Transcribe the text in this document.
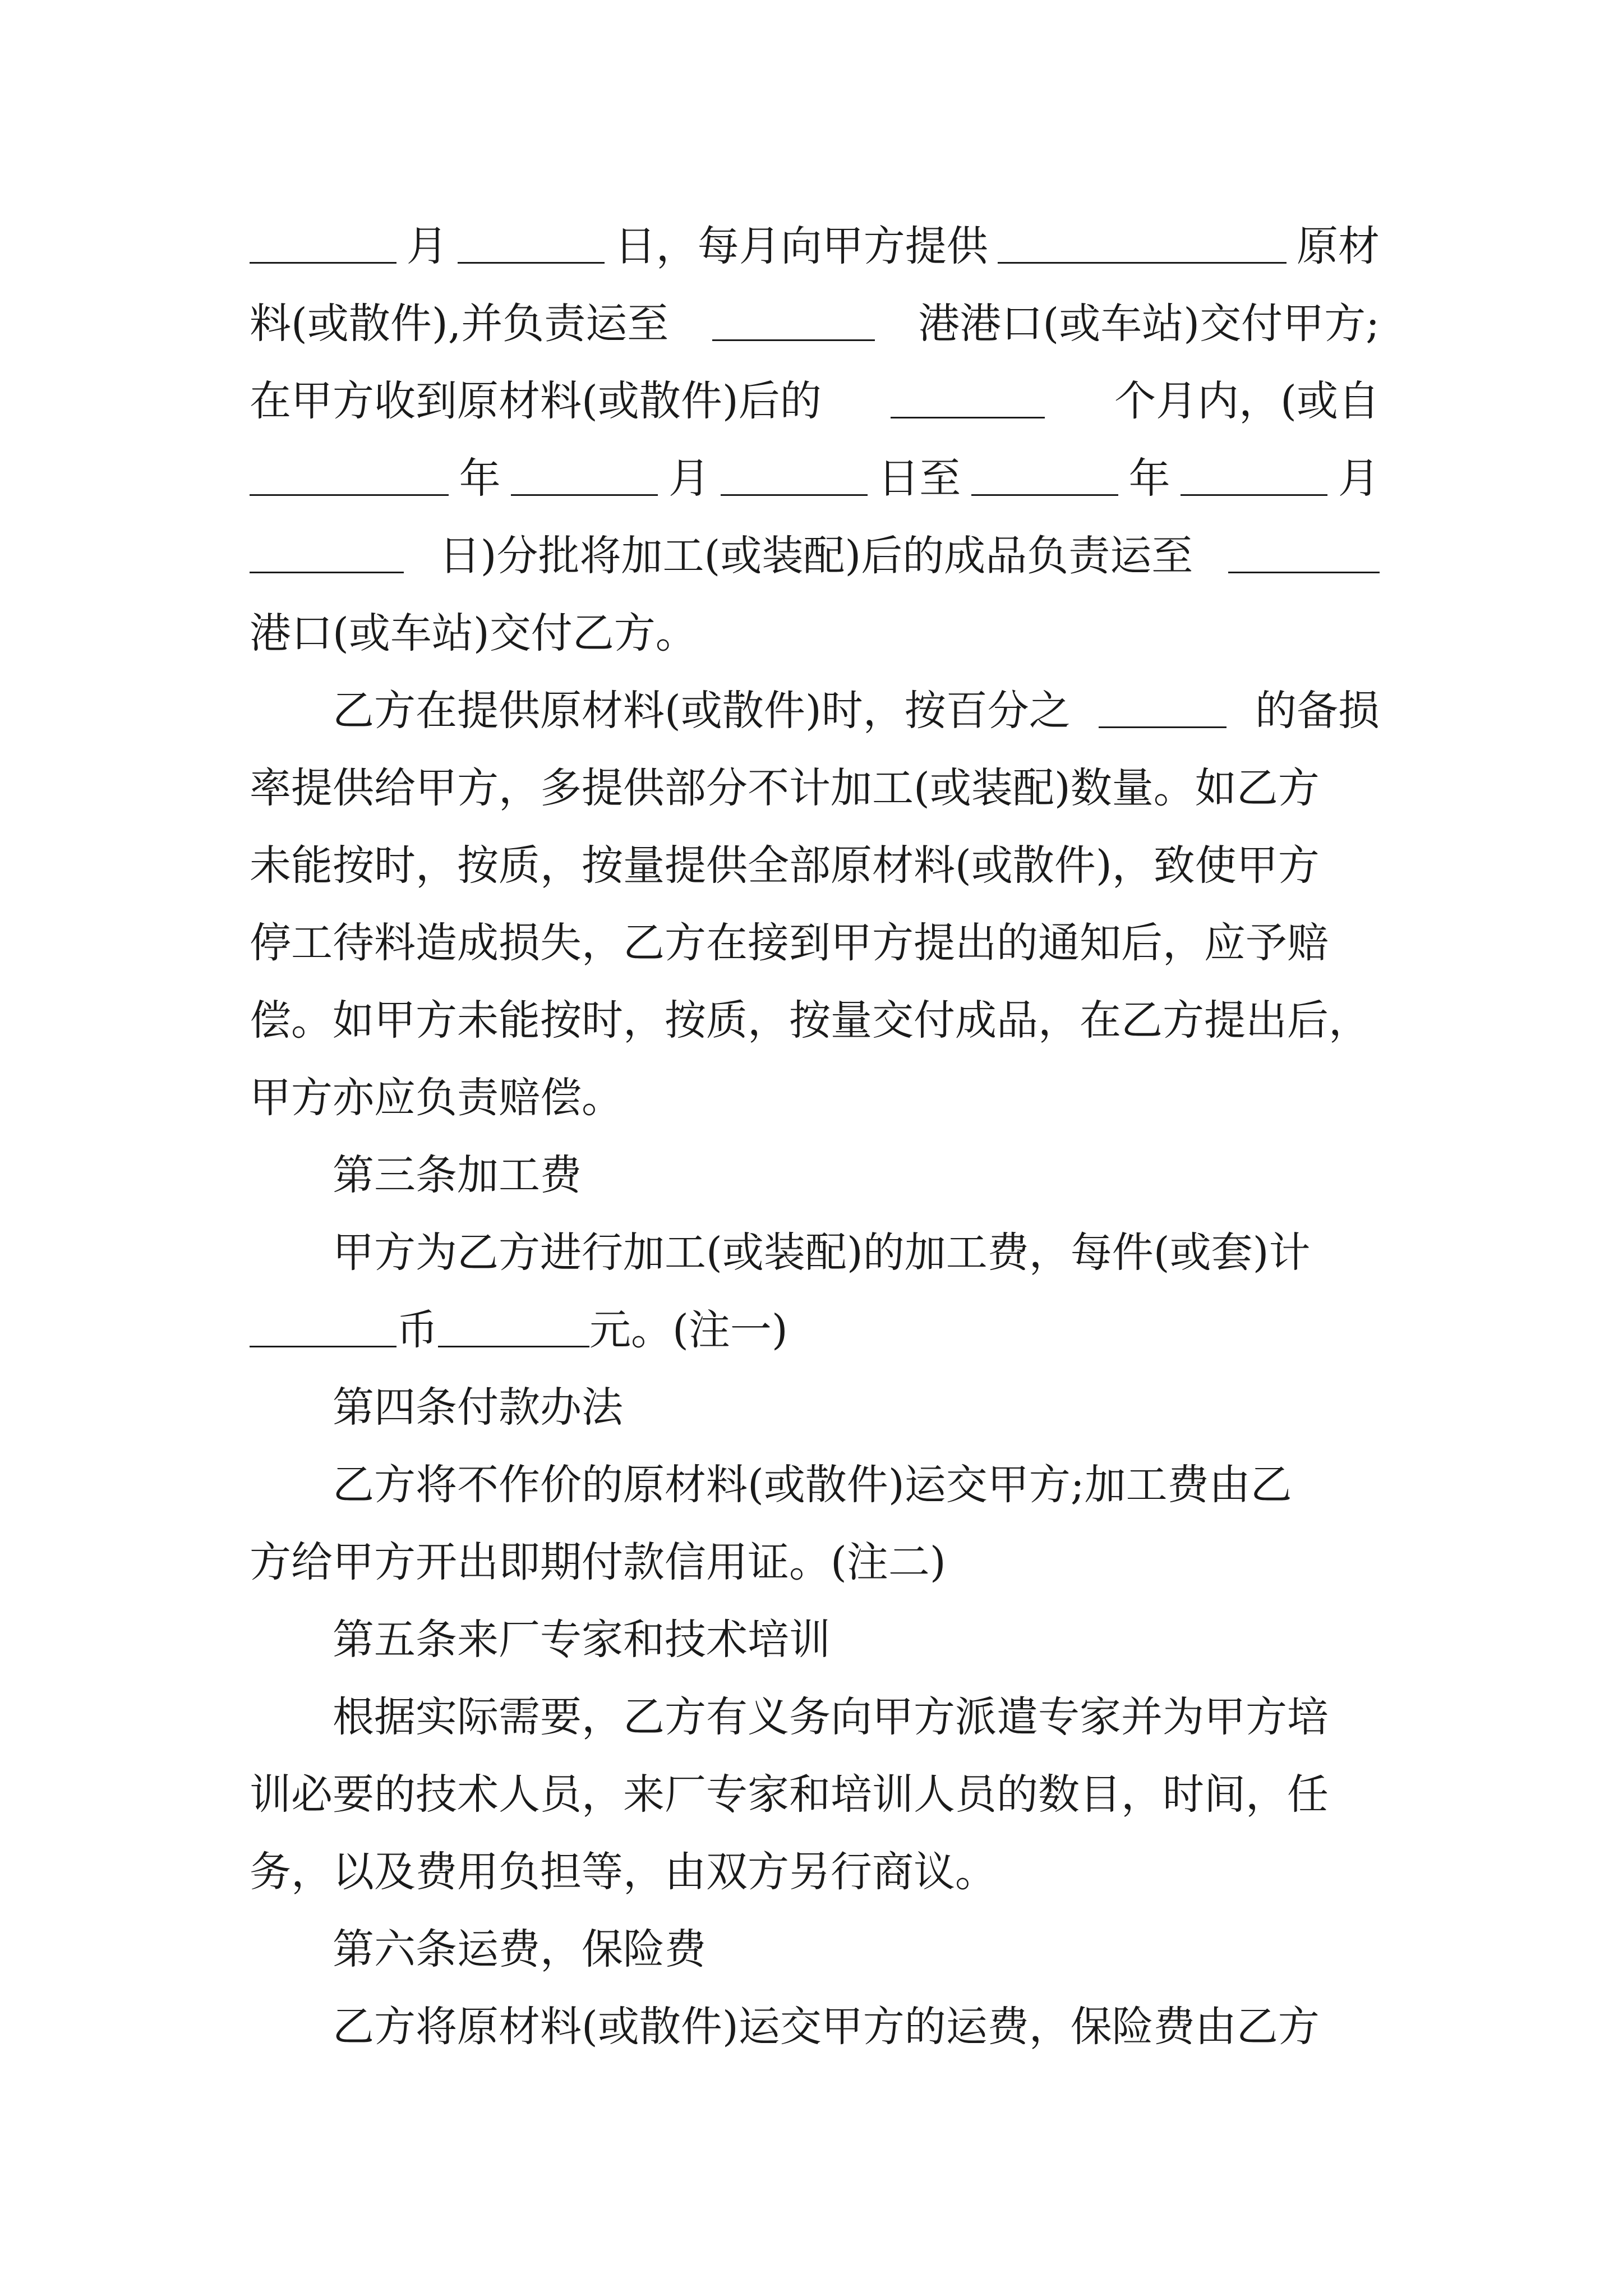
月	日，每月向甲方提供	原材
料(或散件),并负责运至	港港口(或车站)交付甲方;
在甲方收到原材料(或散件)后的	个月内，(或自
年	月	日至	年	月
日)分批将加工(或装配)后的成品负责运至
港口(或车站)交付乙方。
乙方在提供原材料(或散件)时，按百分之	的备损
率提供给甲方，多提供部分不计加工(或装配)数量。如乙方
未能按时，按质，按量提供全部原材料(或散件)，致使甲方
停工待料造成损失，乙方在接到甲方提出的通知后，应予赔
偿。如甲方未能按时，按质，按量交付成品，在乙方提出后，
甲方亦应负责赔偿。
第三条加工费
甲方为乙方进行加工(或装配)的加工费，每件(或套)计
币	元。(注一)
第四条付款办法
乙方将不作价的原材料(或散件)运交甲方;加工费由乙
方给甲方开出即期付款信用证。(注二)
第五条来厂专家和技术培训
根据实际需要，乙方有义务向甲方派遣专家并为甲方培
训必要的技术人员，来厂专家和培训人员的数目，时间，任
务，以及费用负担等，由双方另行商议。
第六条运费，保险费
乙方将原材料(或散件)运交甲方的运费，保险费由乙方
